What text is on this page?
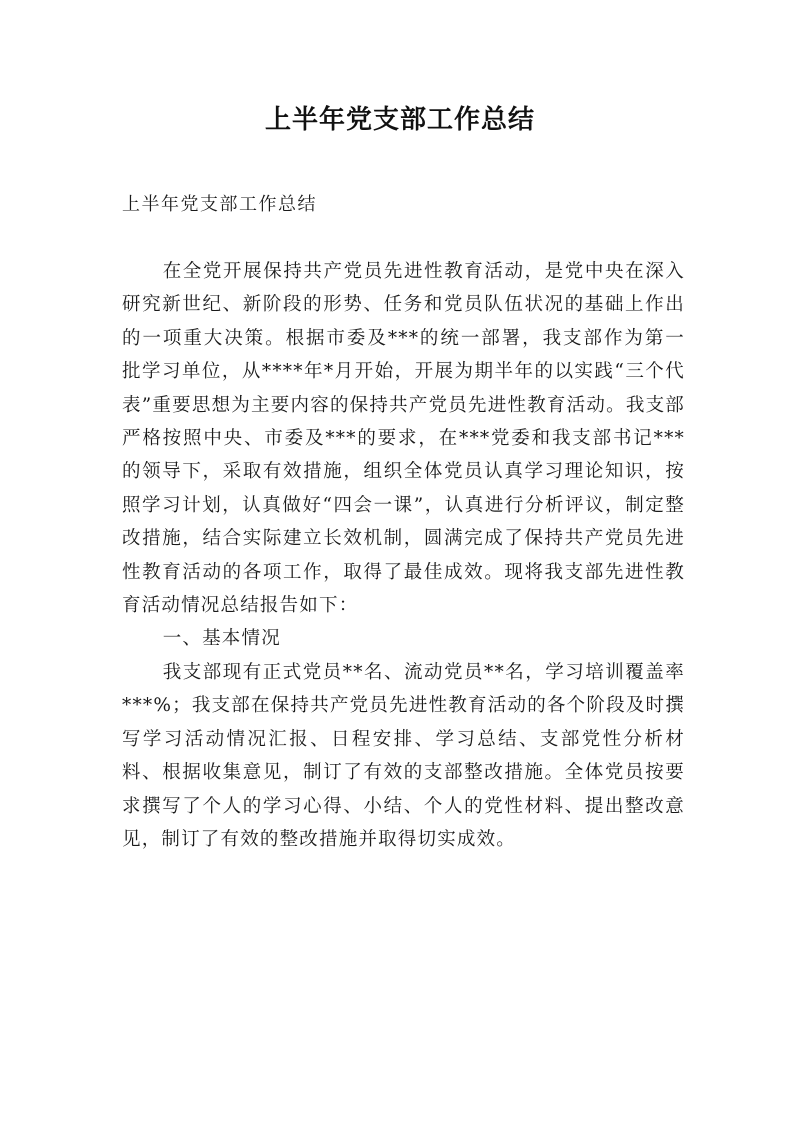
上半年党支部工作总结
上半年党支部工作总结

在全党开展保持共产党员先进性教育活动，是党中央在深入研究新世纪、新阶段的形势、任务和党员队伍状况的基础上作出的一项重大决策。根据市委及***的统一部署，我支部作为第一批学习单位，从****年*月开始，开展为期半年的以实践“三个代表”重要思想为主要内容的保持共产党员先进性教育活动。我支部严格按照中央、市委及***的要求，在***党委和我支部书记***的领导下，采取有效措施，组织全体党员认真学习理论知识，按照学习计划，认真做好“四会一课”，认真进行分析评议，制定整改措施，结合实际建立长效机制，圆满完成了保持共产党员先进性教育活动的各项工作，取得了最佳成效。现将我支部先进性教育活动情况总结报告如下：

一、基本情况

我支部现有正式党员**名、流动党员**名，学习培训覆盖率***%；我支部在保持共产党员先进性教育活动的各个阶段及时撰写学习活动情况汇报、日程安排、学习总结、支部党性分析材料、根据收集意见，制订了有效的支部整改措施。全体党员按要求撰写了个人的学习心得、小结、个人的党性材料、提出整改意见，制订了有效的整改措施并取得切实成效。
